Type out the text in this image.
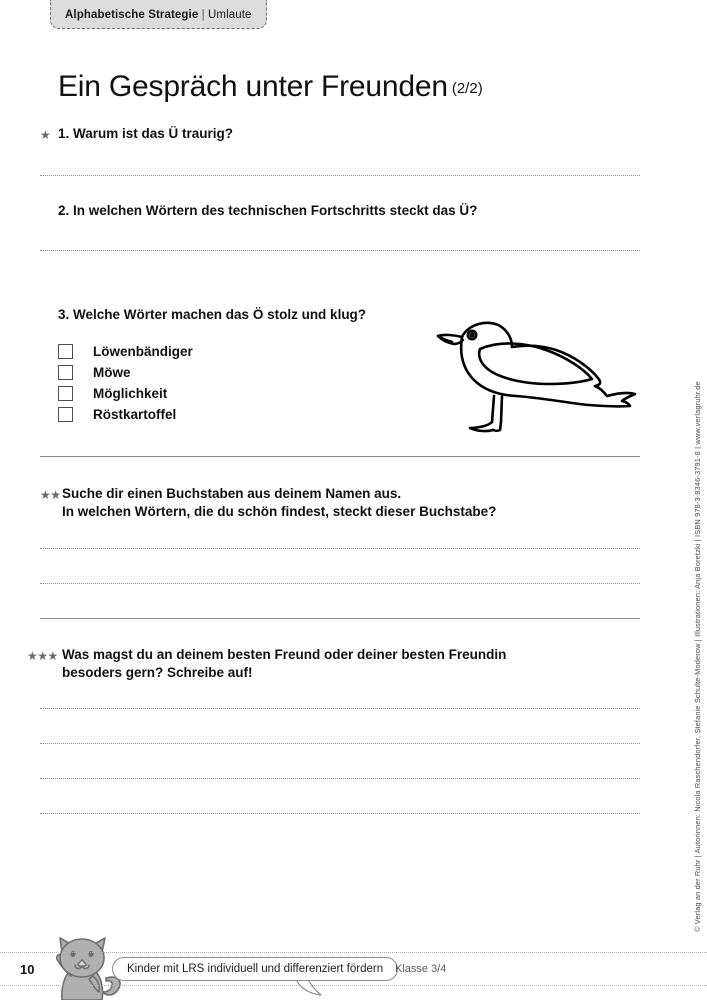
Alphabetische Strategie | Umlaute
Ein Gespräch unter Freunden (2/2)
★ 1. Warum ist das Ü traurig?
2. In welchen Wörtern des technischen Fortschritts steckt das Ü?
3. Welche Wörter machen das Ö stolz und klug?
Löwenbändiger
Möwe
Möglichkeit
Röstkartoffel
★★ Suche dir einen Buchstaben aus deinem Namen aus.
In welchen Wörtern, die du schön findest, steckt dieser Buchstabe?
★★★ Was magst du an deinem besten Freund oder deiner besten Freundin
besoders gern? Schreibe auf!	© Verlag an der Ruhr | Autorinnen: Nicola Raschendorfer, Stefanie Schulte-Moderow | Illustrationen: Anja Boretzki | ISBN 978-3-8346-3791-8 | www.verlagruhr.de
10	Kinder mit LRS individuell und differenziert fördern	Klasse 3/4
